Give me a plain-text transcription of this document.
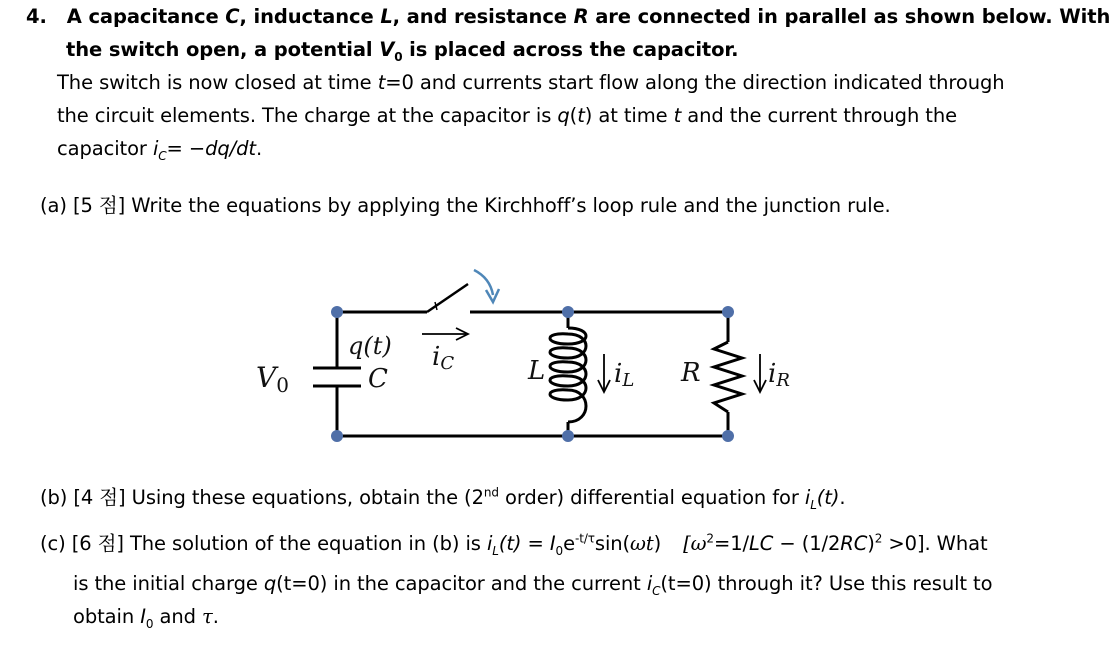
4. A capacitance C, inductance L, and resistance R are connected in parallel as shown below. With
the switch open, a potential $V_0$ is placed across the capacitor.
The switch is now closed at time t=0 and currents start flow along the direction indicated through
the circuit elements. The charge at the capacitor is q(t) at time t and the current through the
capacitor $i_C= -dq/dt$.
(a) [5 점] Write the equations by applying the Kirchhoff’s loop rule and the junction rule.
V0
q(t)
C
iC	L	iL R	iR
(b) [4 점] Using these equations, obtain the (2nd order) differential equation for $i_L(t)$.
(c) [6 점] The solution of the equation in (b) is $i_L(t) = I_0e^{-t/\tau}\sin(\omega t) [\omega^2=1/LC - (1/2RC)^2 >0]$. What
is the initial charge q(t=0) in the capacitor and the current $i_C(t=0)$ through it? Use this result to
obtain $I_0$ and τ.
